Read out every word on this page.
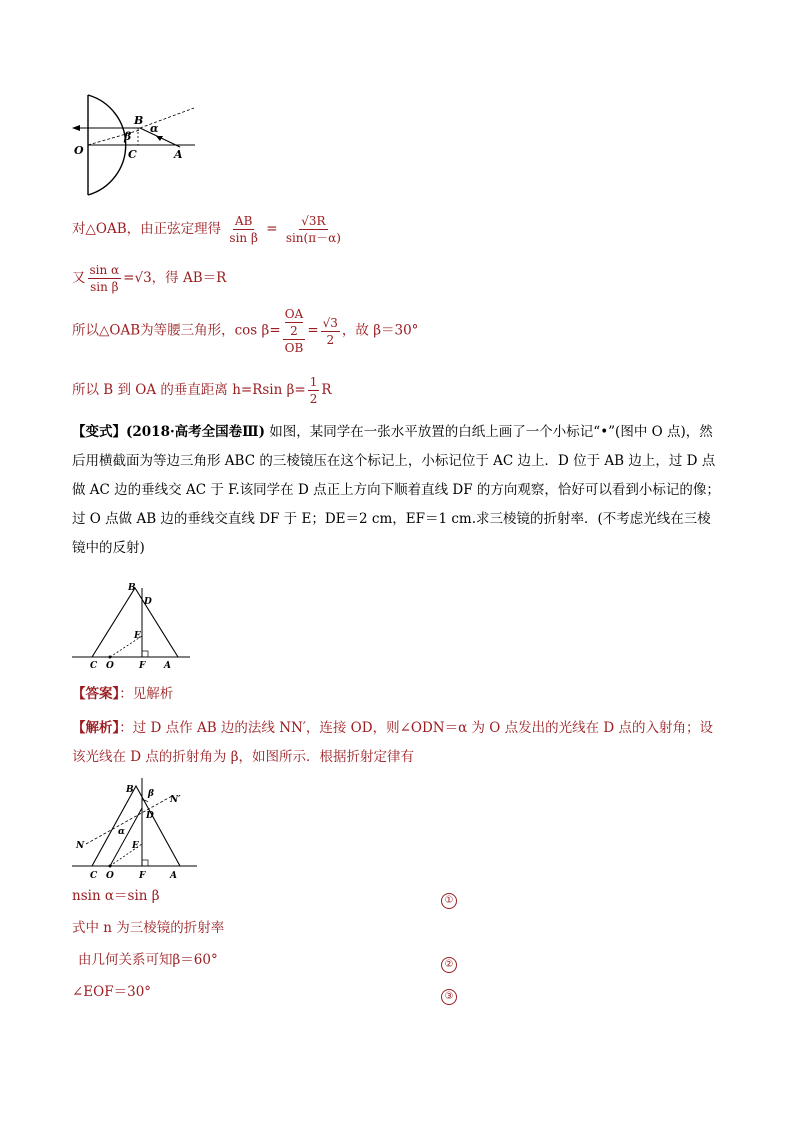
B
α
β
O	C	A
对△OAB，由正弦定理得 $\frac{AB}{\text{sin β}} = \frac{√3R}{\sin(\pi-\alpha)}$
又 $\frac{\text{sin α}}{\text{sin β}} =√3$，得 AB＝R
所以△OAB为等腰三角形，$\cos \beta= \frac{\frac{OA}{2}}{OB} = \frac{√3}{2}$ ，故 β＝30°
所以 B 到 OA 的垂直距离 h=Rsin $\beta= \frac{1}{2}$ R
【变式】(2018·高考全国卷Ⅲ) 如图，某同学在一张水平放置的白纸上画了一个小标记“•”(图中 O 点)，然后用横截面为等边三角形 ABC 的三棱镜压在这个标记上，小标记位于 AC 边上．D 位于 AB 边上，过 D 点做 AC 边的垂线交 AC 于 F.该同学在 D 点正上方向下顺着直线 DF 的方向观察，恰好可以看到小标记的像；过 O 点做 AB 边的垂线交直线 DF 于 E；DE＝2 cm，EF＝1 cm.求三棱镜的折射率．(不考虑光线在三棱镜中的反射)
B
D
E
C O	F A
【答案】：见解析
【解析】：过 D 点作 AB 边的法线 NN′，连接 OD，则∠ODN＝α 为 O 点发出的光线在 D 点的入射角；设该光线在 D 点的折射角为 β，如图所示．根据折射定律有
B β
N′
α
D
N	E
C O	F	A
nsin α＝sin β	①
式中 n 为三棱镜的折射率
由几何关系可知β＝60°	②
∠EOF＝30°	③
